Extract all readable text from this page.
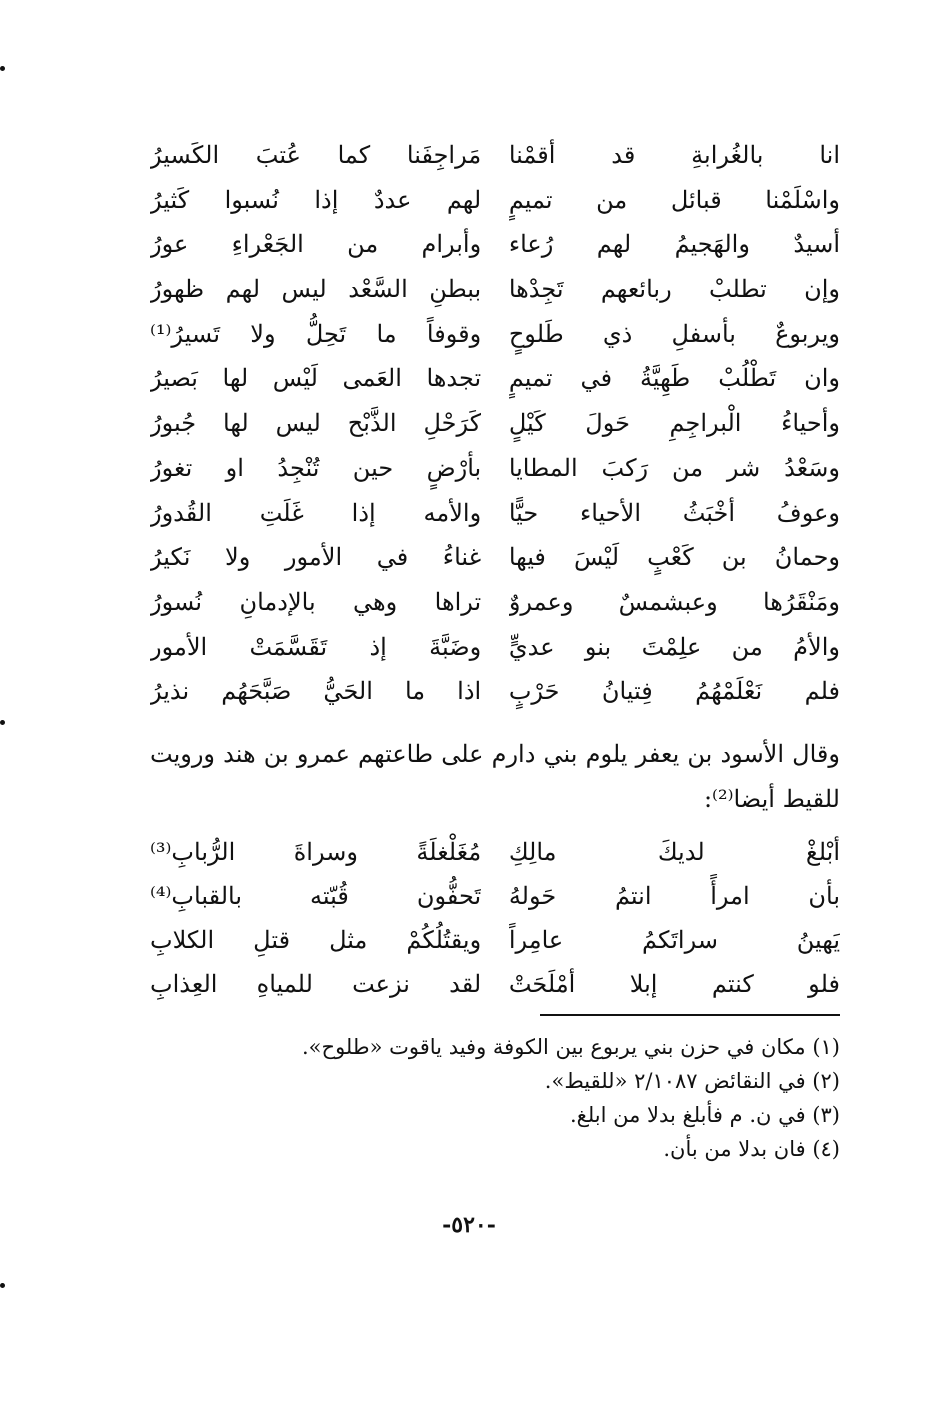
انا بالغُرابةِ قد أقمْنا
مَراجِفَنا كما عُتبَ الكَسيرُ
واسْلَمْنا قبائل من تميمٍ
لهم عددٌ إذا نُسبوا كَثيرُ
أسيدٌ والهَجيمُ لهم رُعاء
وأبرام من الجَعْراءِ عورُ
وإن تطلبْ ربائعهم تَجِدْها
ببطنِ السَّعْد ليس لهم ظهورُ
ويربوعٌ بأسفلِ ذي طَلوحٍ
وقوفاً ما تَحِلُّ ولا تَسيرُ⁽¹⁾
وان تَطْلُبْ طَهِيَّةُ في تميمٍ
تجدها العَمى لَيْس لها بَصيرُ
وأحياءُ الْبراجِمِ حَولَ كَيْلٍ
كَرَحْلِ الذَّبْح ليس لها جُبورُ
وسَعْدُ شر من رَكبَ المطايا
بأرْضٍ حين تُنْجِدُ او تغورُ
وعوفُ أخْبَثُ الأحياء حيًّا
والأمه إذا غَلَتِ القُدورُ
وحمانُ بن كَعْبٍ لَيْسَ فيها
غناءُ في الأمور ولا نَكيرُ
ومَنْقَرُها وعبشمسٌ وعمروٌ
تراها وهي بالإدمانِ نُسورُ
والأمُ من علِمْتَ بنو عديٍّ
وضَبَّةَ إذ تَقَسَّمَتْ الأمور
فلم نَعْلَمْهُمُ فِتيانُ حَرْبٍ
اذا ما الحَيُّ صَبَّحَهُم نذيرُ
وقال الأسود بن يعفر يلوم بني دارم على طاعتهم عمرو بن هند ورويت للقيط أيضا⁽²⁾:
أبْلغْ لديكَ مالِكِ
مُغَلْغلَةً وسراةَ الرُّبابِ⁽³⁾
بأن امرأً انتمُ حَولهُ
تَحفُّون قُبّته بالقبابِ⁽⁴⁾
يَهينُ سراتَكمُ عامِراً
ويقتُلُكُمْ مثل قتلِ الكلابِ
فلو كنتم إبلا أمْلَحَتْ
لقد نزعت للمياهِ العِذابِ
(١) مكان في حزن بني يربوع بين الكوفة وفيد ياقوت «طلوح».
(٢) في النقائض ٢/١٠٨٧ «للقيط».
(٣) في ن. م فأبلغ بدلا من ابلغ.
(٤) فان بدلا من بأن.
-٥٢٠-
